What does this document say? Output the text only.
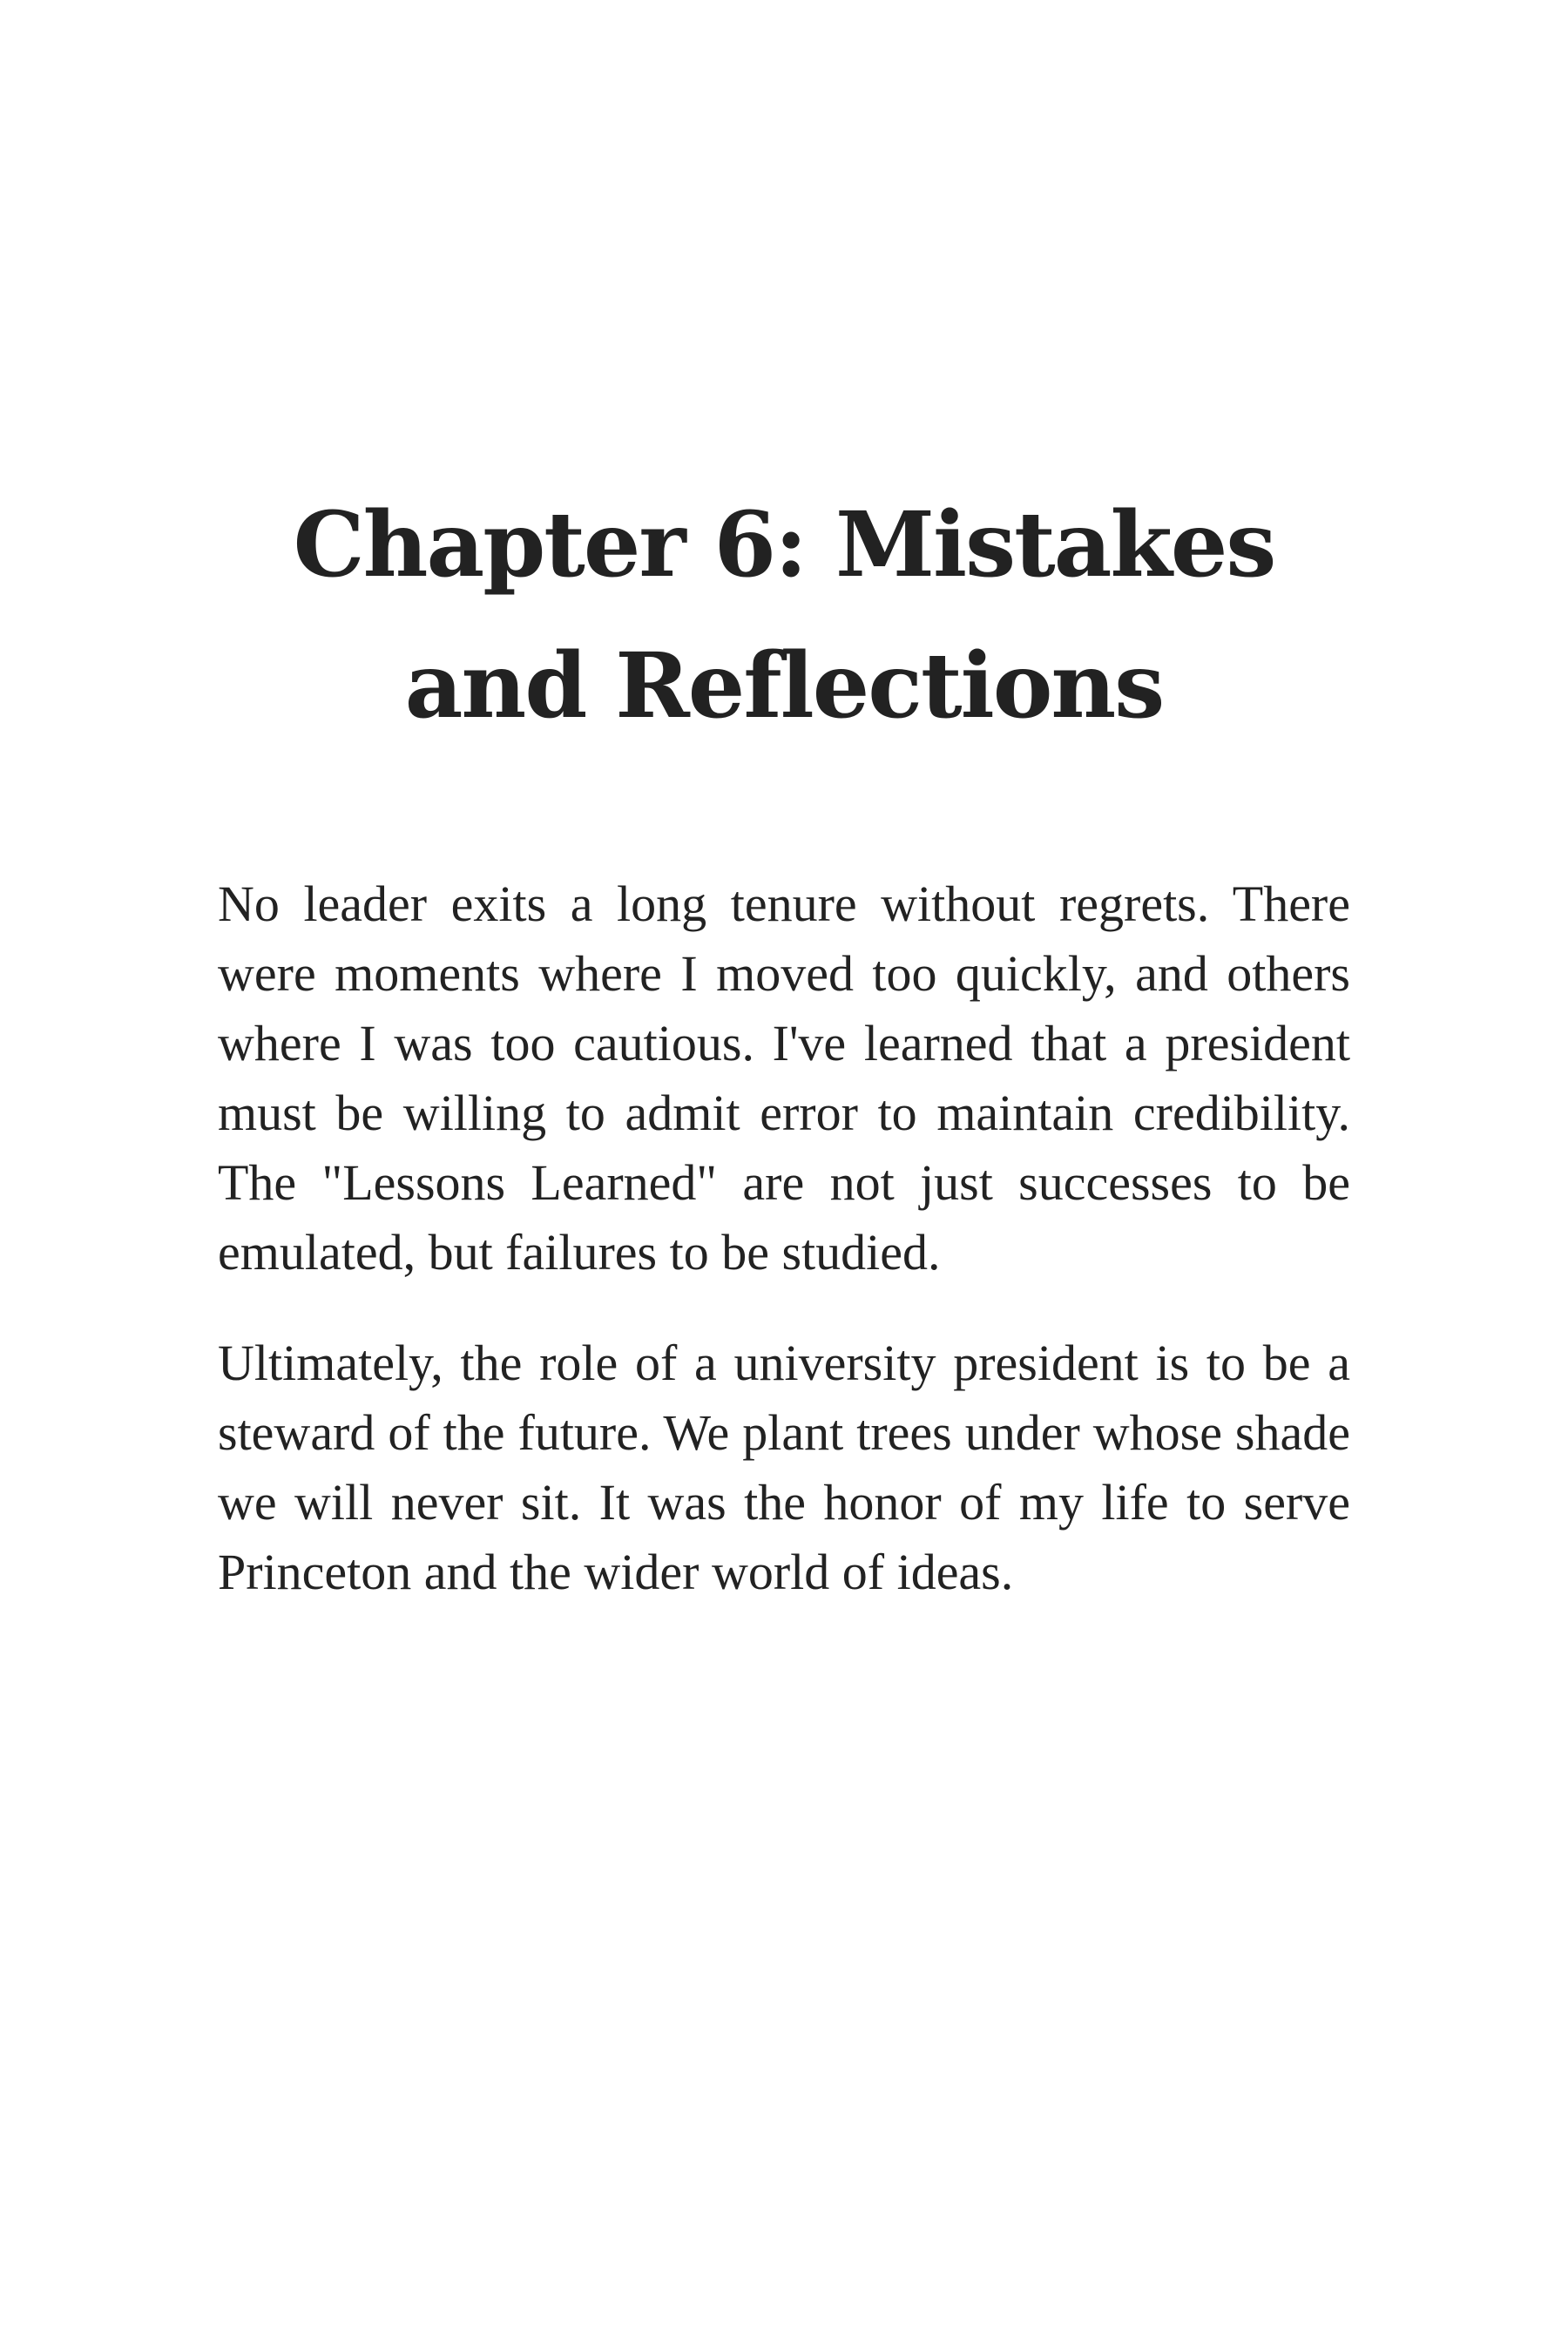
Chapter 6: Mistakes and Reflections

No leader exits a long tenure without regrets. There were moments where I moved too quickly, and others where I was too cautious. I've learned that a president must be willing to admit error to maintain credibility. The "Lessons Learned" are not just successes to be emulated, but failures to be studied.

Ultimately, the role of a university president is to be a steward of the future. We plant trees under whose shade we will never sit. It was the honor of my life to serve Princeton and the wider world of ideas.
